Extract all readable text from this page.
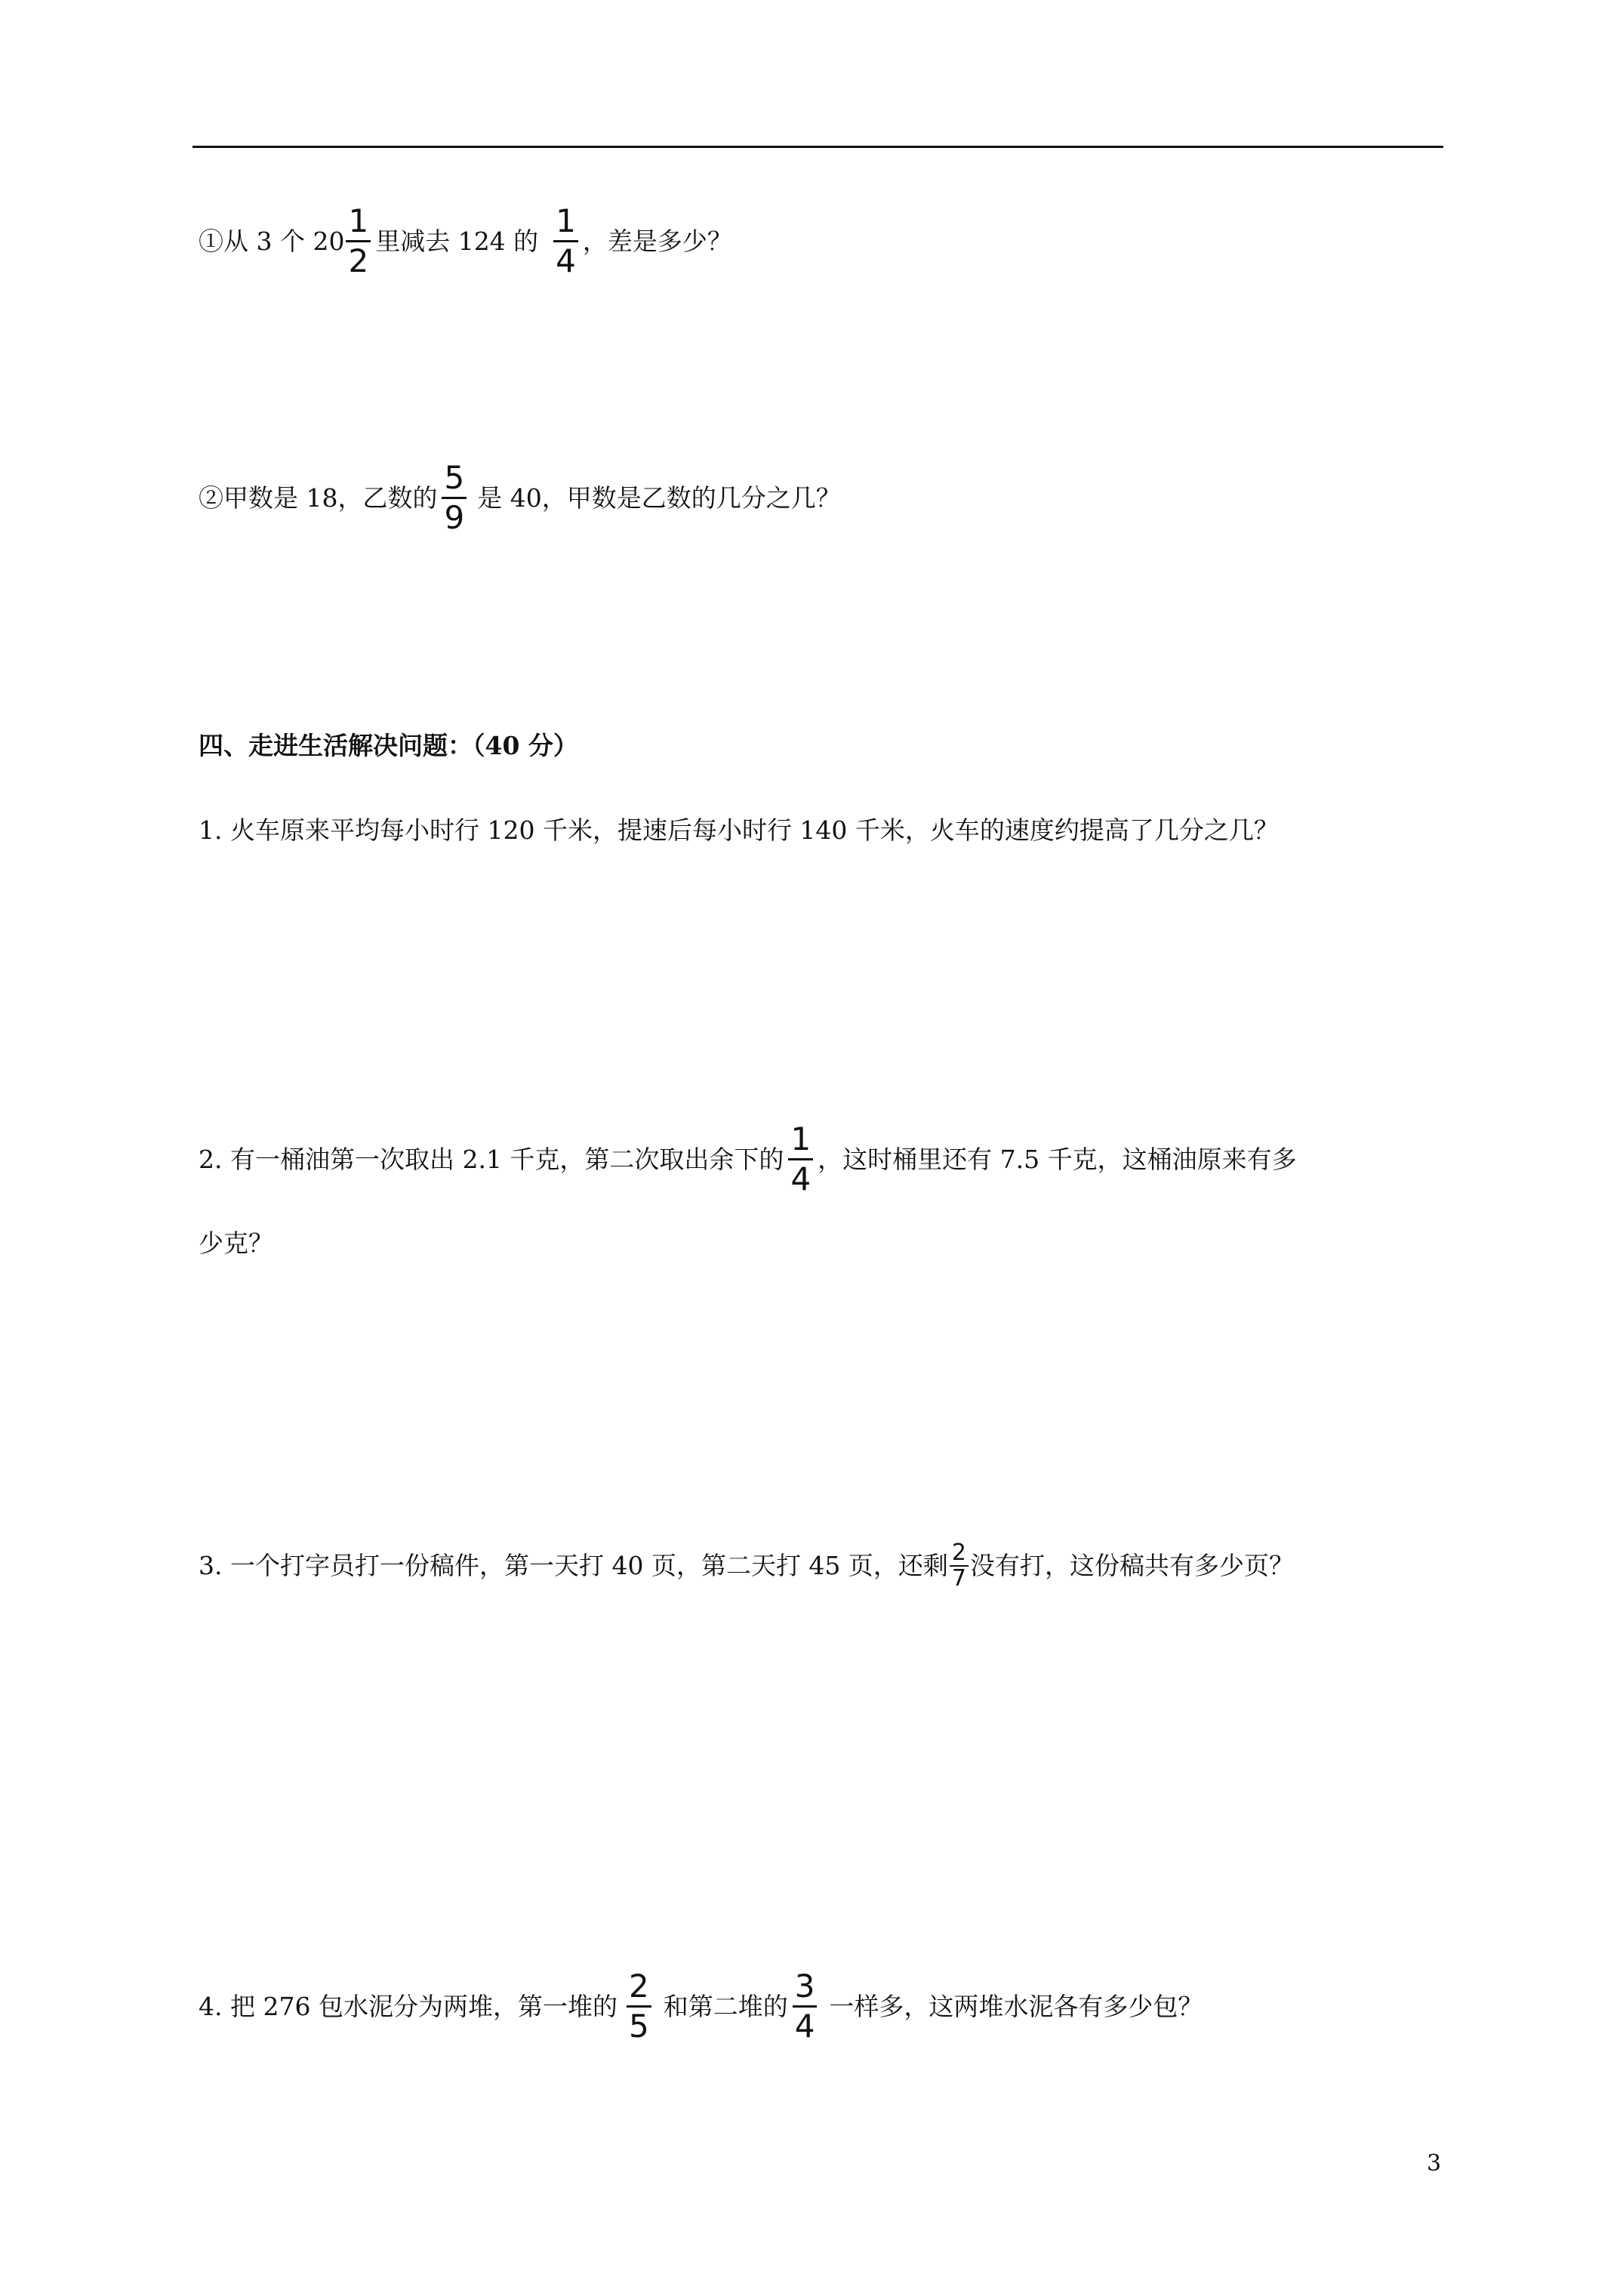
①从 3 个 $20 \frac{1}{2}$ 里减去 124 的 $\frac{1}{4}$ ，差是多少？
②甲数是 18，乙数的 $\frac{5}{9}$ 是 40，甲数是乙数的几分之几？
四、走进生活解决问题：（40 分）
1. 火车原来平均每小时行 120 千米，提速后每小时行 140 千米，火车的速度约提高了几分之几？
2. 有一桶油第一次取出 2.1 千克，第二次取出余下的 $\frac{1}{4}$ ，这时桶里还有 7.5 千克，这桶油原来有多
少克？
3. 一个打字员打一份稿件，第一天打 40 页，第二天打 45 页，还剩 $\frac{2}{7}$ 没有打，这份稿共有多少页？
4. 把 276 包水泥分为两堆，第一堆的 $\frac{2}{5}$ 和第二堆的 $\frac{3}{4}$ 一样多，这两堆水泥各有多少包？
3
